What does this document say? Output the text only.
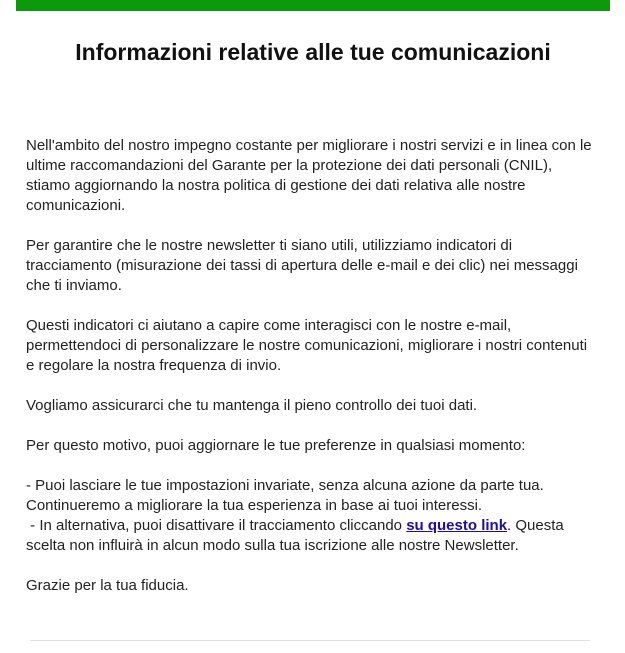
Informazioni relative alle tue comunicazioni

Nell'ambito del nostro impegno costante per migliorare i nostri servizi e in linea con le ultime raccomandazioni del Garante per la protezione dei dati personali (CNIL), stiamo aggiornando la nostra politica di gestione dei dati relativa alle nostre comunicazioni.

Per garantire che le nostre newsletter ti siano utili, utilizziamo indicatori di tracciamento (misurazione dei tassi di apertura delle e-mail e dei clic) nei messaggi che ti inviamo.

Questi indicatori ci aiutano a capire come interagisci con le nostre e-mail, permettendoci di personalizzare le nostre comunicazioni, migliorare i nostri contenuti e regolare la nostra frequenza di invio.

Vogliamo assicurarci che tu mantenga il pieno controllo dei tuoi dati.

Per questo motivo, puoi aggiornare le tue preferenze in qualsiasi momento:

- Puoi lasciare le tue impostazioni invariate, senza alcuna azione da parte tua. Continueremo a migliorare la tua esperienza in base ai tuoi interessi.
- In alternativa, puoi disattivare il tracciamento cliccando su questo link. Questa scelta non influirà in alcun modo sulla tua iscrizione alle nostre Newsletter.

Grazie per la tua fiducia.
